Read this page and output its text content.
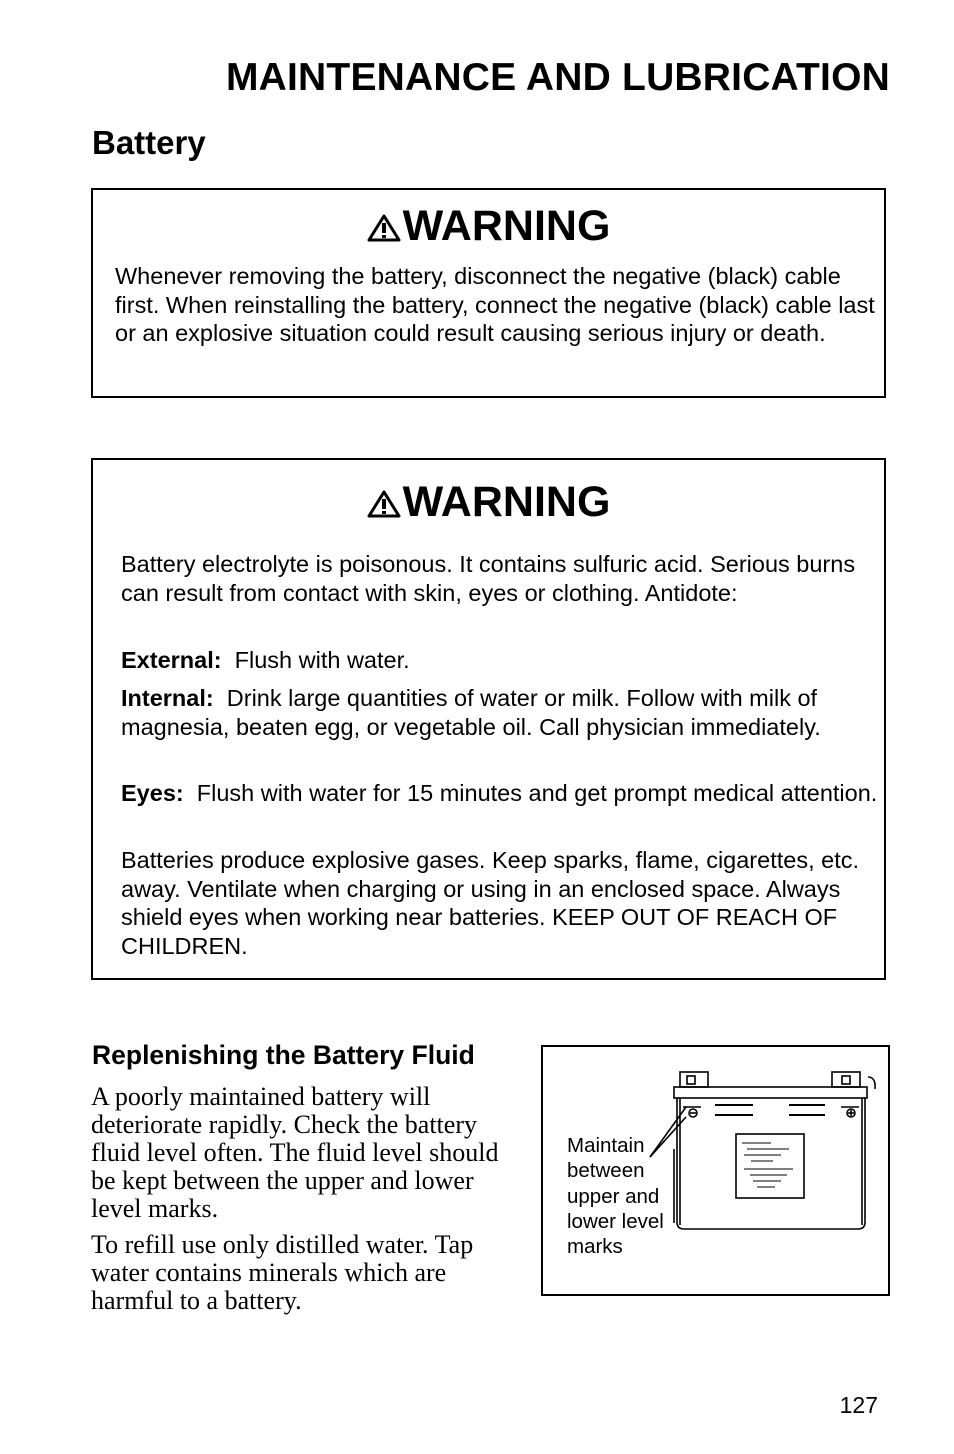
MAINTENANCE AND LUBRICATION
Battery
WARNING

Whenever removing the battery, disconnect the negative (black) cable first. When reinstalling the battery, connect the negative (black) cable last or an explosive situation could result causing serious injury or death.

WARNING

Battery electrolyte is poisonous. It contains sulfuric acid. Serious burns can result from contact with skin, eyes or clothing. Antidote:

External: Flush with water.

Internal: Drink large quantities of water or milk. Follow with milk of magnesia, beaten egg, or vegetable oil. Call physician immediately.

Eyes: Flush with water for 15 minutes and get prompt medical attention.

Batteries produce explosive gases. Keep sparks, flame, cigarettes, etc. away. Ventilate when charging or using in an enclosed space. Always shield eyes when working near batteries. KEEP OUT OF REACH OF CHILDREN.

Replenishing the Battery Fluid

A poorly maintained battery will deteriorate rapidly. Check the battery fluid level often. The fluid level should be kept between the upper and lower level marks.

To refill use only distilled water. Tap water contains minerals which are harmful to a battery.

Maintain
between
upper and
lower level
marks
127
